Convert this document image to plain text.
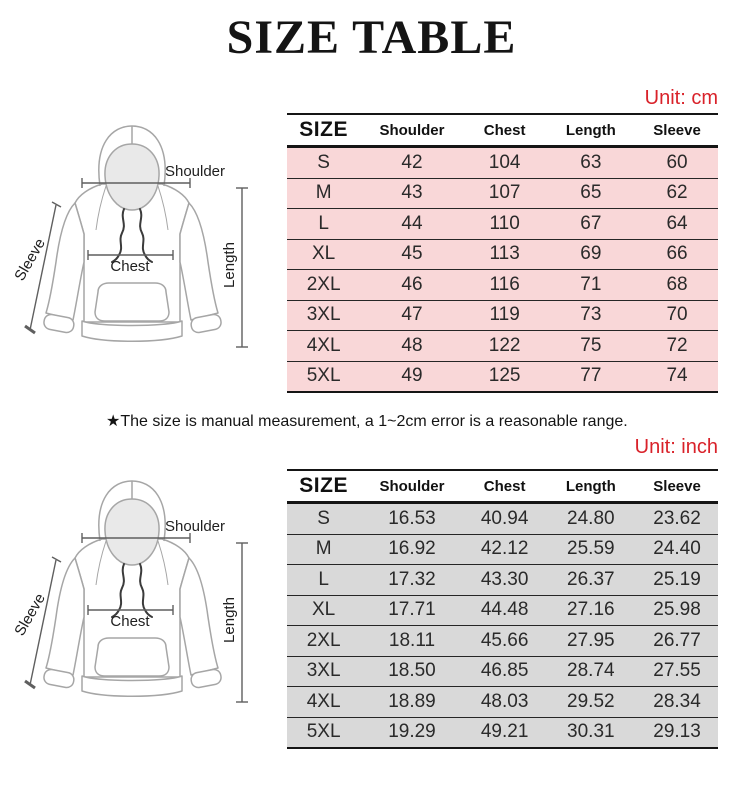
SIZE TABLE
Unit: cm
SIZE	Shoulder	Chest	Length	Sleeve
S	42	104	63	60
M	43	107	65	62
L	44	110	67	64
XL	45	113	69	66
2XL	46	116	71	68
3XL	47	119	73	70
4XL	48	122	75	72
5XL	49	125	77	74
★The size is manual measurement, a 1~2cm error is a reasonable range.
Unit: inch
SIZE	Shoulder	Chest	Length	Sleeve
S	16.53	40.94	24.80	23.62
M	16.92	42.12	25.59	24.40
L	17.32	43.30	26.37	25.19
XL	17.71	44.48	27.16	25.98
2XL	18.11	45.66	27.95	26.77
3XL	18.50	46.85	28.74	27.55
4XL	18.89	48.03	29.52	28.34
5XL	19.29	49.21	30.31	29.13
